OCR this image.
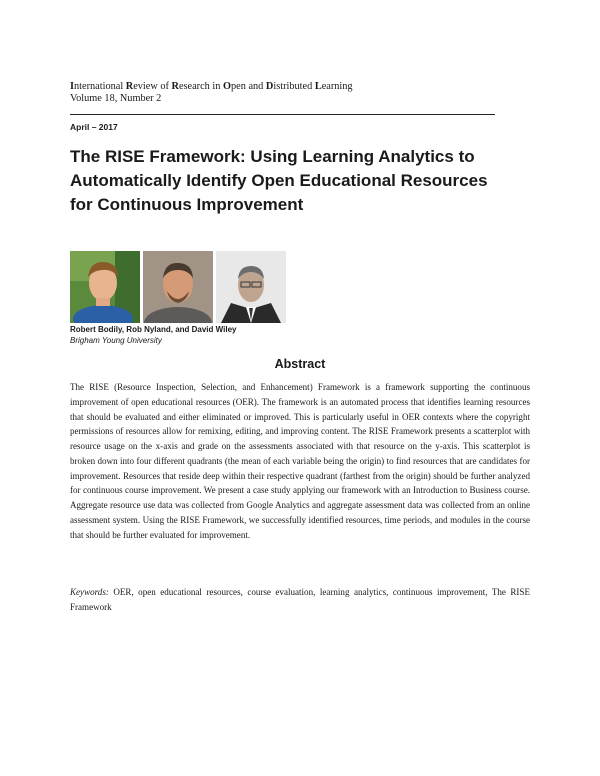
International Review of Research in Open and Distributed Learning
Volume 18, Number 2
April – 2017
The RISE Framework: Using Learning Analytics to Automatically Identify Open Educational Resources for Continuous Improvement
Robert Bodily, Rob Nyland, and David Wiley
Brigham Young University
Abstract

The RISE (Resource Inspection, Selection, and Enhancement) Framework is a framework supporting the continuous improvement of open educational resources (OER). The framework is an automated process that identifies learning resources that should be evaluated and either eliminated or improved. This is particularly useful in OER contexts where the copyright permissions of resources allow for remixing, editing, and improving content. The RISE Framework presents a scatterplot with resource usage on the x-axis and grade on the assessments associated with that resource on the y-axis. This scatterplot is broken down into four different quadrants (the mean of each variable being the origin) to find resources that are candidates for improvement. Resources that reside deep within their respective quadrant (farthest from the origin) should be further analyzed for continuous course improvement. We present a case study applying our framework with an Introduction to Business course. Aggregate resource use data was collected from Google Analytics and aggregate assessment data was collected from an online assessment system. Using the RISE Framework, we successfully identified resources, time periods, and modules in the course that should be further evaluated for improvement.

Keywords: OER, open educational resources, course evaluation, learning analytics, continuous improvement, The RISE Framework
